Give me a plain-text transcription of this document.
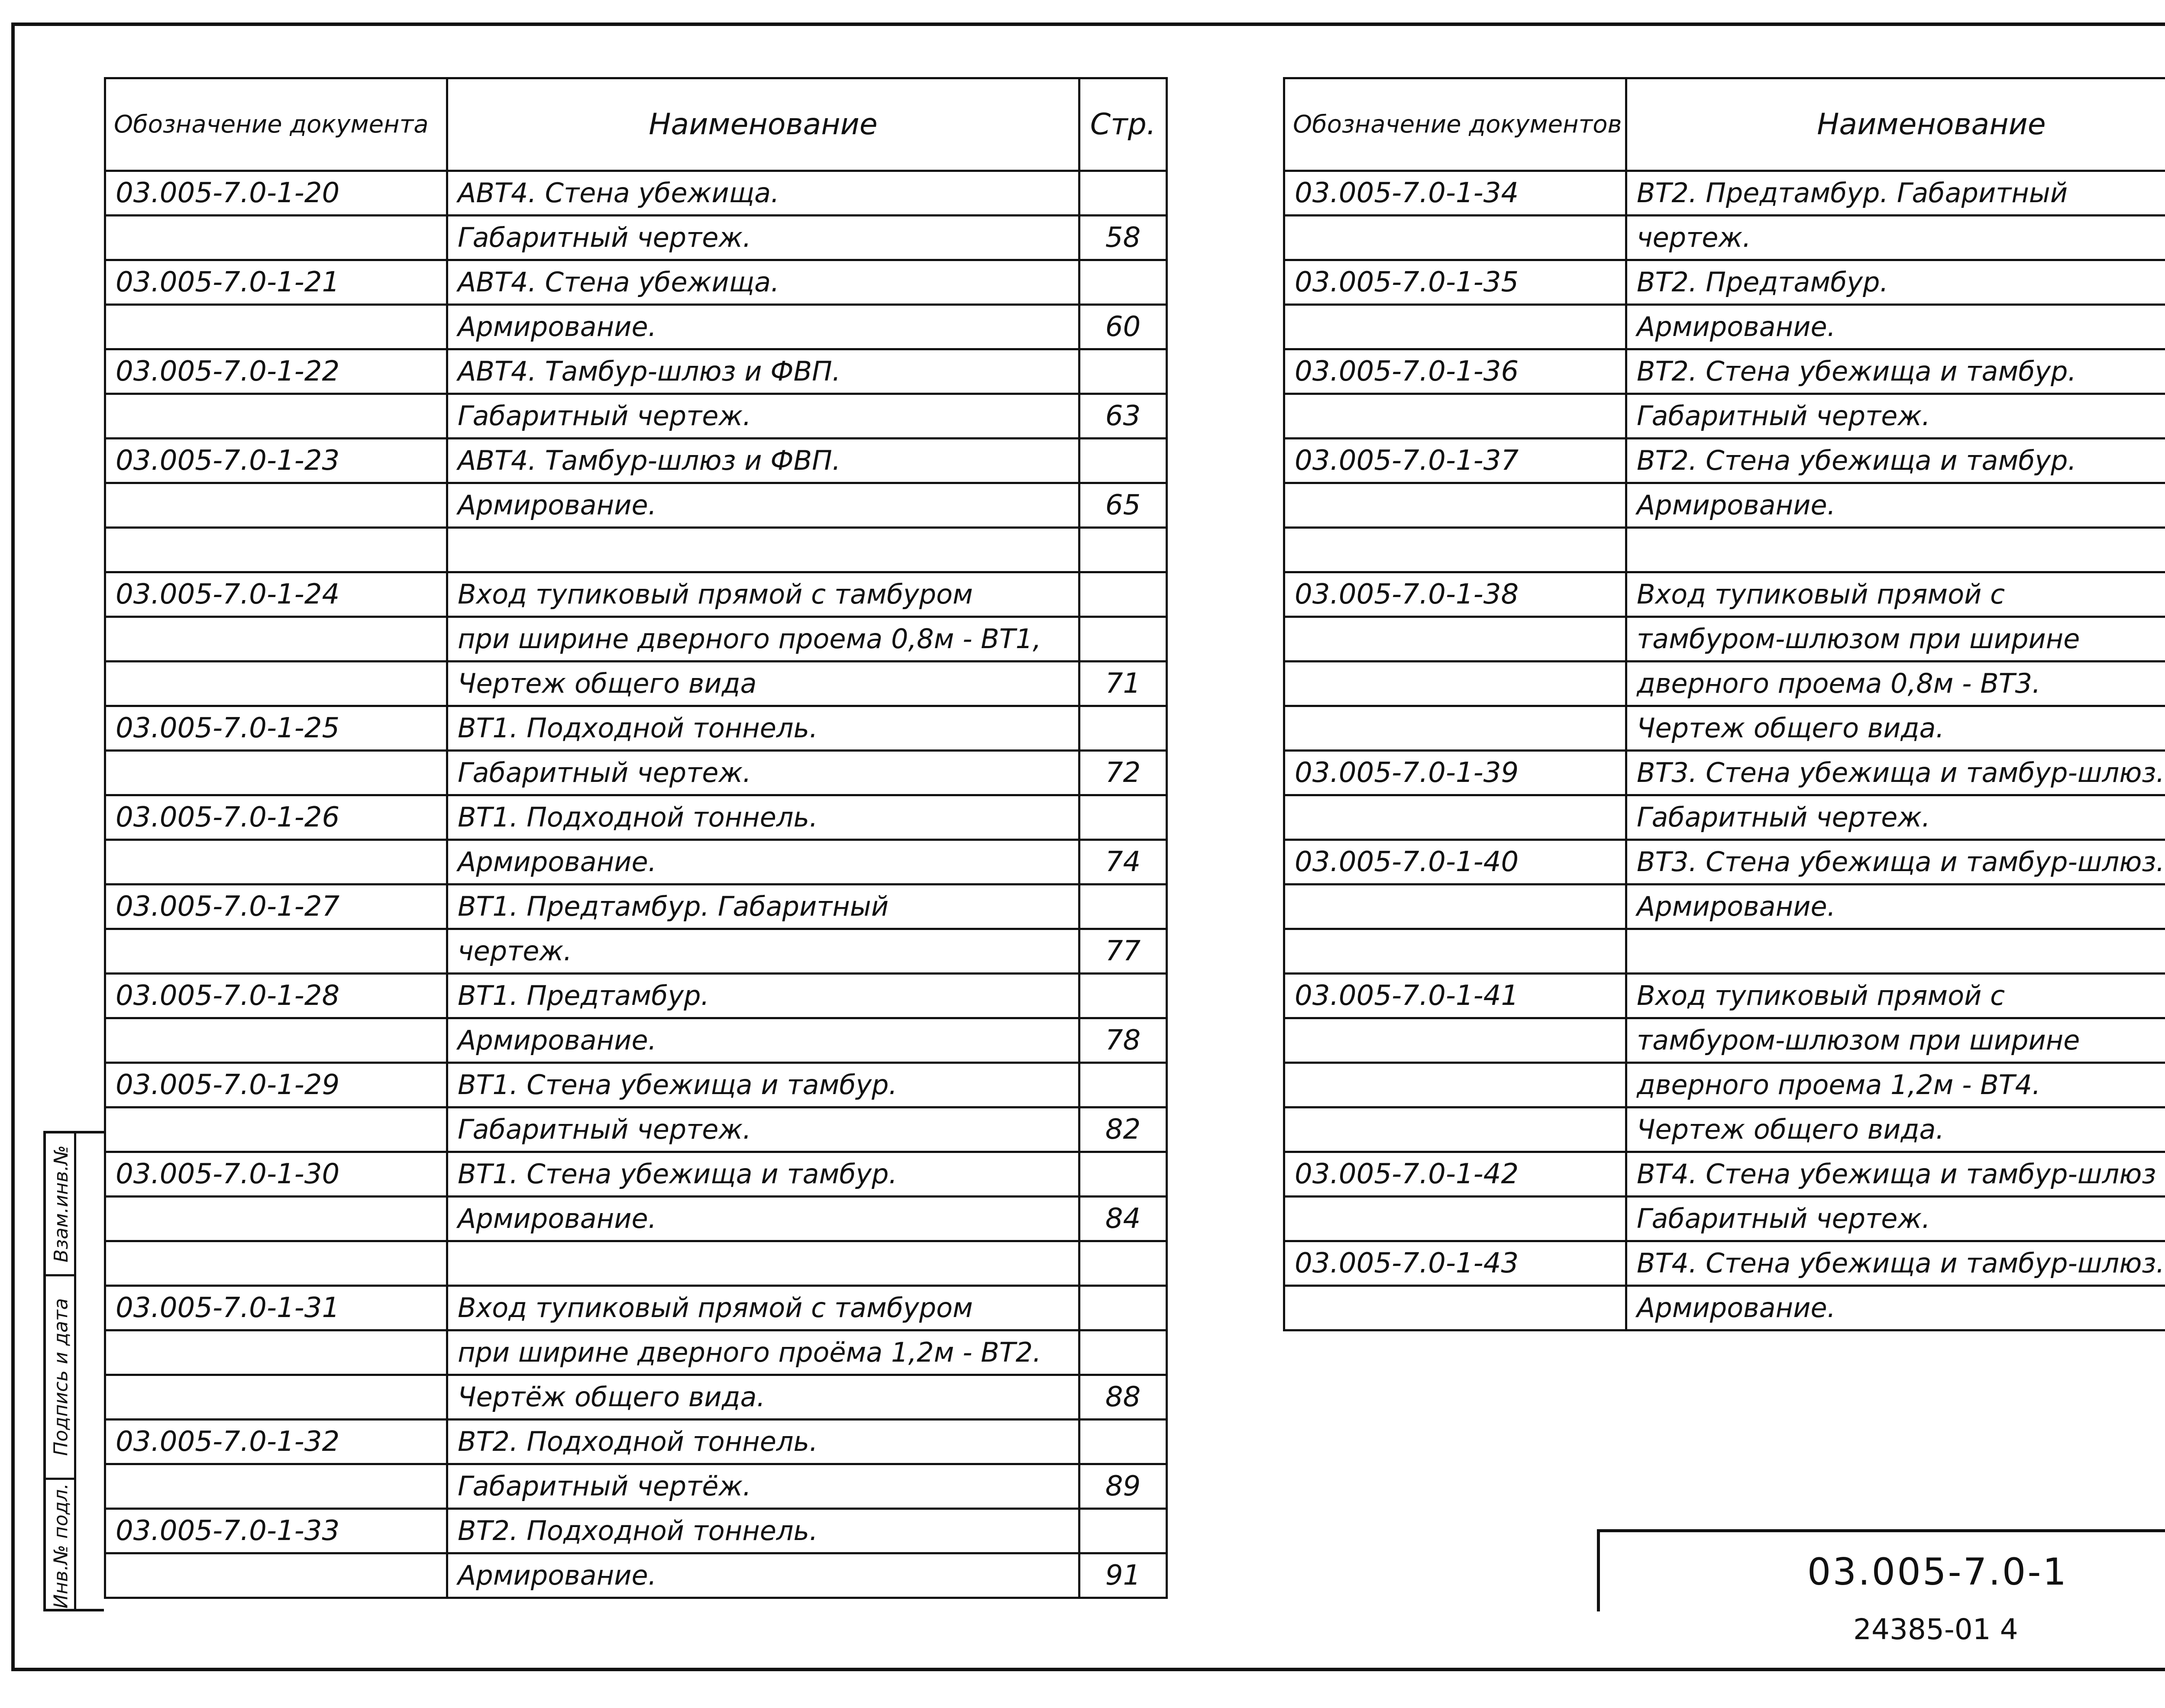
Обозначение документа	Наименование	Стр.
03.005-7.0-1-20	АВТ4. Стена убежища.	
	Габаритный чертеж.	58
03.005-7.0-1-21	АВТ4. Стена убежища.	
	Армирование.	60
03.005-7.0-1-22	АВТ4. Тамбур-шлюз и ФВП.	
	Габаритный чертеж.	63
03.005-7.0-1-23	АВТ4. Тамбур-шлюз и ФВП.	
	Армирование.	65

03.005-7.0-1-24	Вход тупиковый прямой с тамбуром	
	при ширине дверного проема 0,8м - ВТ1,	
	Чертеж общего вида	71
03.005-7.0-1-25	ВТ1. Подходной тоннель.	
	Габаритный чертеж.	72
03.005-7.0-1-26	ВТ1. Подходной тоннель.	
	Армирование.	74
03.005-7.0-1-27	ВТ1. Предтамбур. Габаритный	
	чертеж.	77
03.005-7.0-1-28	ВТ1. Предтамбур.	
	Армирование.	78
03.005-7.0-1-29	ВТ1. Стена убежища и тамбур.	
	Габаритный чертеж.	82
03.005-7.0-1-30	ВТ1. Стена убежища и тамбур.	
	Армирование.	84

03.005-7.0-1-31	Вход тупиковый прямой с тамбуром	
	при ширине дверного проёма 1,2м - ВТ2.	
	Чертёж общего вида.	88
03.005-7.0-1-32	ВТ2. Подходной тоннель.	
	Габаритный чертёж.	89
03.005-7.0-1-33	ВТ2. Подходной тоннель.	
	Армирование.	91
Обозначение документов	Наименование	
03.005-7.0-1-34	ВТ2. Предтамбур. Габаритный	
	чертеж.	
03.005-7.0-1-35	ВТ2. Предтамбур.	
	Армирование.	
03.005-7.0-1-36	ВТ2. Стена убежища и тамбур.	
	Габаритный чертеж.	
03.005-7.0-1-37	ВТ2. Стена убежища и тамбур.	
	Армирование.	

03.005-7.0-1-38	Вход тупиковый прямой с	
	тамбуром-шлюзом при ширине	
	дверного проема 0,8м - ВТ3.	
	Чертеж общего вида.	
03.005-7.0-1-39	ВТ3. Стена убежища и тамбур-шлюз.	
	Габаритный чертеж.	
03.005-7.0-1-40	ВТ3. Стена убежища и тамбур-шлюз.	
	Армирование.	

03.005-7.0-1-41	Вход тупиковый прямой с	
	тамбуром-шлюзом при ширине	
	дверного проема 1,2м - ВТ4.	
	Чертеж общего вида.	
03.005-7.0-1-42	ВТ4. Стена убежища и тамбур-шлюз	
	Габаритный чертеж.	
03.005-7.0-1-43	ВТ4. Стена убежища и тамбур-шлюз.	
	Армирование.	
Взам.инв.№
Подпись и дата
Инв.№ подл.	03.005-7.0-1
24385-01 4
